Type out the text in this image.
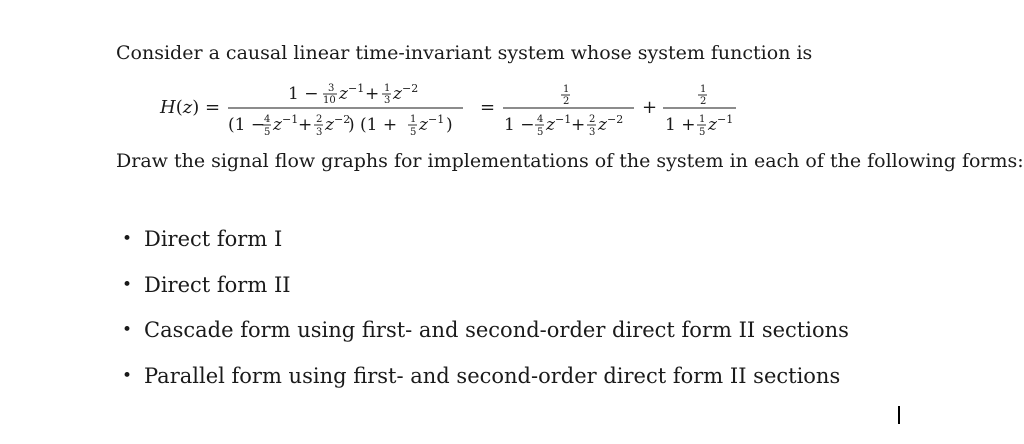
Consider a causal linear time-invariant system whose system function is
H(z) =
1 − 3
10 z −1 + 1
3 z −2
(1 −
4
5 z −1 + 2
3 z −2
) (1 + 1
5 z −1 )
=
1
2
1 − 4
5 z −1 + 2
3 z −2
+
1
2
1 + 1
5 z −1
Draw the signal flow graphs for implementations of the system in each of the following forms:
• Direct form I
• Direct form II
• Cascade form using first- and second-order direct form II sections
• Parallel form using first- and second-order direct form II sections
